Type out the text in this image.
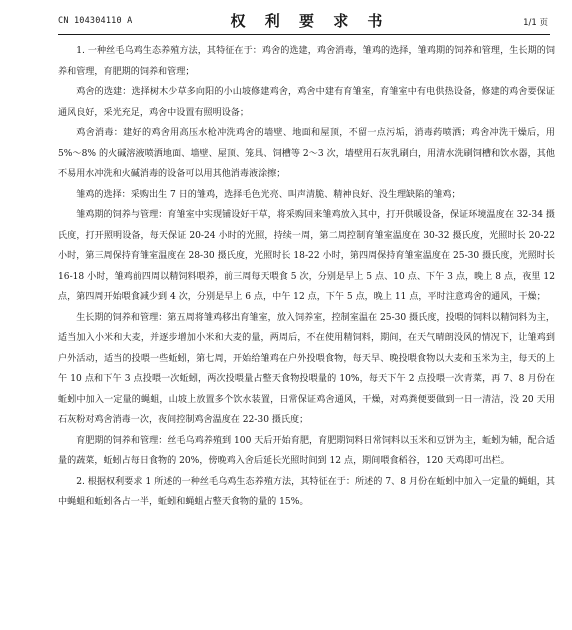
CN 104304110 A	权 利 要 求 书	1/1 页

1. 一种丝毛乌鸡生态养殖方法，其特征在于：鸡舍的选建，鸡舍消毒，雏鸡的选择，雏鸡期的饲养和管理，生长期的饲养和管理，育肥期的饲养和管理；

鸡舍的选建：选择树木少草多向阳的小山坡修建鸡舍，鸡舍中建有育雏室，育雏室中有电供热设备，修建的鸡舍要保证通风良好，采光充足，鸡舍中设置有照明设备；

鸡舍消毒：建好的鸡舍用高压水枪冲洗鸡舍的墙壁、地面和屋顶，不留一点污垢，消毒药喷洒；鸡舍冲洗干燥后，用 5%～8% 的火碱溶液喷洒地面、墙壁、屋顶、笼具、饲槽等 2～3 次，墙壁用石灰乳刷白，用清水洗刷饲槽和饮水器，其他不易用水冲洗和火碱消毒的设备可以用其他消毒液涂擦；

雏鸡的选择：采购出生 7 日的雏鸡，选择毛色光亮、叫声清脆、精神良好、没生理缺陷的雏鸡；

雏鸡期的饲养与管理：育雏室中实现铺设好干草，将采购回来雏鸡放入其中，打开供暖设备，保证环境温度在 32-34 摄氏度，打开照明设备，每天保证 20-24 小时的光照，持续一周，第二周控制育雏室温度在 30-32 摄氏度，光照时长 20-22 小时，第三周保持育雏室温度在 28-30 摄氏度，光照时长 18-22 小时，第四周保持育雏室温度在 25-30 摄氏度，光照时长 16-18 小时，雏鸡前四周以精饲料喂养，前三周每天喂食 5 次，分别是早上 5 点、10 点、下午 3 点，晚上 8 点，夜里 12 点，第四周开始喂食减少到 4 次，分别是早上 6 点，中午 12 点，下午 5 点，晚上 11 点，平时注意鸡舍的通风，干燥；

生长期的饲养和管理：第五周将雏鸡移出育雏室，放入饲养室，控制室温在 25-30 摄氏度，投喂的饲料以精饲料为主，适当加入小米和大麦，并逐步增加小米和大麦的量，两周后，不在使用精饲料，期间，在天气晴朗没风的情况下，让雏鸡到户外活动，适当的投喂一些蚯蚓，第七周，开始给雏鸡在户外投喂食物，每天早、晚投喂食物以大麦和玉米为主，每天的上午 10 点和下午 3 点投喂一次蚯蚓，两次投喂量占整天食物投喂量的 10%，每天下午 2 点投喂一次青菜，再 7、8 月份在蚯蚓中加入一定量的蝇蛆，山坡上放置多个饮水装置，日常保证鸡舍通风，干燥，对鸡粪便要做到一日一清洁，没 20 天用石灰粉对鸡舍消毒一次，夜间控制鸡舍温度在 22-30 摄氏度；

育肥期的饲养和管理：丝毛乌鸡养殖到 100 天后开始育肥，育肥期饲料日常饲料以玉米和豆饼为主，蚯蚓为辅，配合适量的蔬菜，蚯蚓占每日食物的 20%，傍晚鸡入舍后延长光照时间到 12 点，期间喂食稻谷，120 天鸡即可出栏。

2. 根据权利要求 1 所述的一种丝毛乌鸡生态养殖方法，其特征在于：所述的 7、8 月份在蚯蚓中加入一定量的蝇蛆，其中蝇蛆和蚯蚓各占一半，蚯蚓和蝇蛆占整天食物的量的 15%。
